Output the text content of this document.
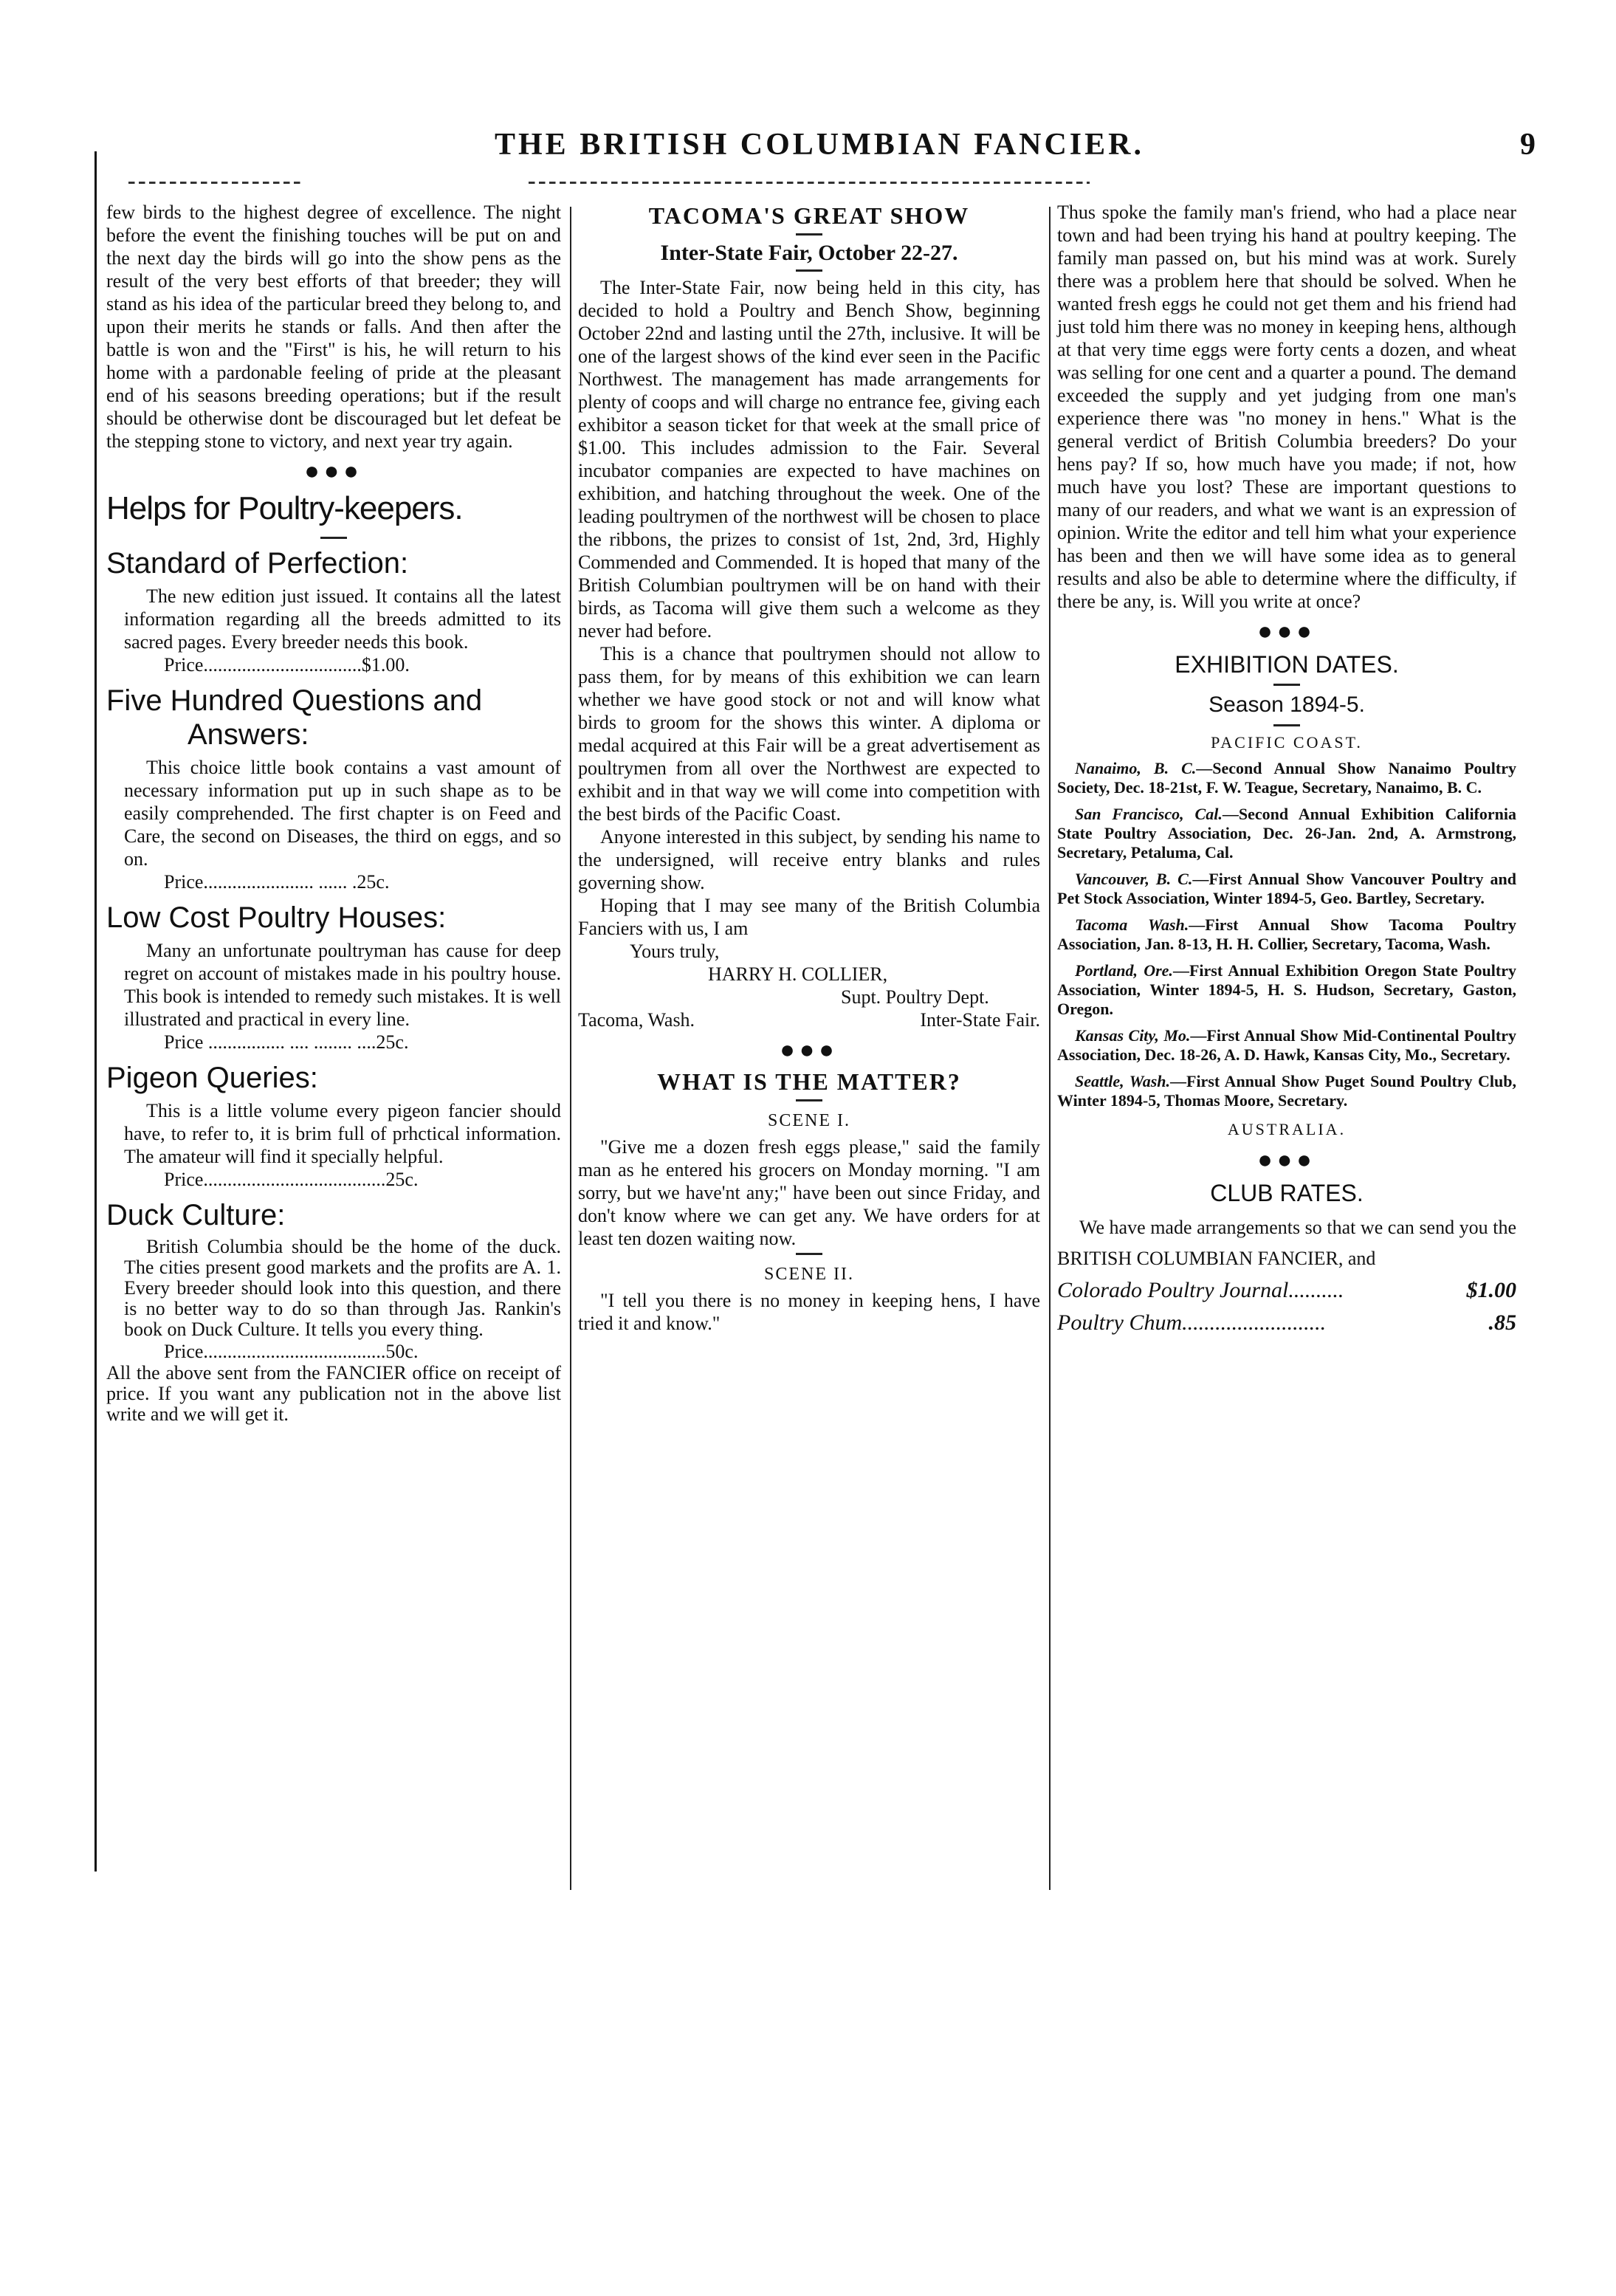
THE BRITISH COLUMBIAN FANCIER.	9

few birds to the highest degree of excellence. The night before the event the finishing touches will be put on and the next day the birds will go into the show pens as the result of the very best efforts of that breeder; they will stand as his idea of the particular breed they belong to, and upon their merits he stands or falls. And then after the battle is won and the "First" is his, he will return to his home with a pardonable feeling of pride at the pleasant end of his seasons breeding operations; but if the result should be otherwise dont be discouraged but let defeat be the stepping stone to victory, and next year try again.

●●●
Helps for Poultry-keepers.
Standard of Perfection:

The new edition just issued. It contains all the latest information regarding all the breeds admitted to its sacred pages. Every breeder needs this book.

Price.................................$1.00.

Five Hundred Questions and
Answers:

This choice little book contains a vast amount of necessary information put up in such shape as to be easily comprehended. The first chapter is on Feed and Care, the second on Diseases, the third on eggs, and so on.

Price....................... ...... .25c.

Low Cost Poultry Houses:

Many an unfortunate poultryman has cause for deep regret on account of mistakes made in his poultry house. This book is intended to remedy such mistakes. It is well illustrated and practical in every line.

Price ................ .... ........ ....25c.

Pigeon Queries:

This is a little volume every pigeon fancier should have, to refer to, it is brim full of prhctical information. The amateur will find it specially helpful.

Price......................................25c.

Duck Culture:

British Columbia should be the home of the duck. The cities present good markets and the profits are A. 1. Every breeder should look into this question, and there is no better way to do so than through Jas. Rankin's book on Duck Culture. It tells you every thing.

Price......................................50c.

All the above sent from the FANCIER office on receipt of price. If you want any publication not in the above list write and we will get it.

TACOMA'S GREAT SHOW
Inter-State Fair, October 22-27.

The Inter-State Fair, now being held in this city, has decided to hold a Poultry and Bench Show, beginning October 22nd and lasting until the 27th, inclusive. It will be one of the largest shows of the kind ever seen in the Pacific Northwest. The management has made arrangements for plenty of coops and will charge no entrance fee, giving each exhibitor a season ticket for that week at the small price of $1.00. This includes admission to the Fair. Several incubator companies are expected to have machines on exhibition, and hatching throughout the week. One of the leading poultrymen of the northwest will be chosen to place the ribbons, the prizes to consist of 1st, 2nd, 3rd, Highly Commended and Commended. It is hoped that many of the British Columbian poultrymen will be on hand with their birds, as Tacoma will give them such a welcome as they never had before.

This is a chance that poultrymen should not allow to pass them, for by means of this exhibition we can learn whether we have good stock or not and will know what birds to groom for the shows this winter. A diploma or medal acquired at this Fair will be a great advertisement as poultrymen from all over the Northwest are expected to exhibit and in that way we will come into competition with the best birds of the Pacific Coast.

Anyone interested in this subject, by sending his name to the undersigned, will receive entry blanks and rules governing show.

Hoping that I may see many of the British Columbia Fanciers with us, I am

Yours truly,

HARRY H. COLLIER,

Supt. Poultry Dept.

Tacoma, Wash.	Inter-State Fair.
●●●
WHAT IS THE MATTER?
SCENE I.

"Give me a dozen fresh eggs please," said the family man as he entered his grocers on Monday morning. "I am sorry, but we have'nt any;" have been out since Friday, and don't know where we can get any. We have orders for at least ten dozen waiting now.

SCENE II.

"I tell you there is no money in keeping hens, I have tried it and know."

Thus spoke the family man's friend, who had a place near town and had been trying his hand at poultry keeping. The family man passed on, but his mind was at work. Surely there was a problem here that should be solved. When he wanted fresh eggs he could not get them and his friend had just told him there was no money in keeping hens, although at that very time eggs were forty cents a dozen, and wheat was selling for one cent and a quarter a pound. The demand exceeded the supply and yet judging from one man's experience there was "no money in hens." What is the general verdict of British Columbia breeders? Do your hens pay? If so, how much have you made; if not, how much have you lost? These are important questions to many of our readers, and what we want is an expression of opinion. Write the editor and tell him what your experience has been and then we will have some idea as to general results and also be able to determine where the difficulty, if there be any, is. Will you write at once?

●●●
EXHIBITION DATES.
Season 1894-5.
PACIFIC COAST.

Nanaimo, B. C.—Second Annual Show Nanaimo Poultry Society, Dec. 18-21st, F. W. Teague, Secretary, Nanaimo, B. C.

San Francisco, Cal.—Second Annual Exhibition California State Poultry Association, Dec. 26-Jan. 2nd, A. Armstrong, Secretary, Petaluma, Cal.

Vancouver, B. C.—First Annual Show Vancouver Poultry and Pet Stock Association, Winter 1894-5, Geo. Bartley, Secretary.

Tacoma Wash.—First Annual Show Tacoma Poultry Association, Jan. 8-13, H. H. Collier, Secretary, Tacoma, Wash.

Portland, Ore.—First Annual Exhibition Oregon State Poultry Association, Winter 1894-5, H. S. Hudson, Secretary, Gaston, Oregon.

Kansas City, Mo.—First Annual Show Mid-Continental Poultry Association, Dec. 18-26, A. D. Hawk, Kansas City, Mo., Secretary.

Seattle, Wash.—First Annual Show Puget Sound Poultry Club, Winter 1894-5, Thomas Moore, Secretary.

AUSTRALIA.
●●●
CLUB RATES.

We have made arrangements so that we can send you the BRITISH COLUMBIAN FANCIER, and

Colorado Poultry Journal..........	$1.00
Poultry Chum..........................	.85
